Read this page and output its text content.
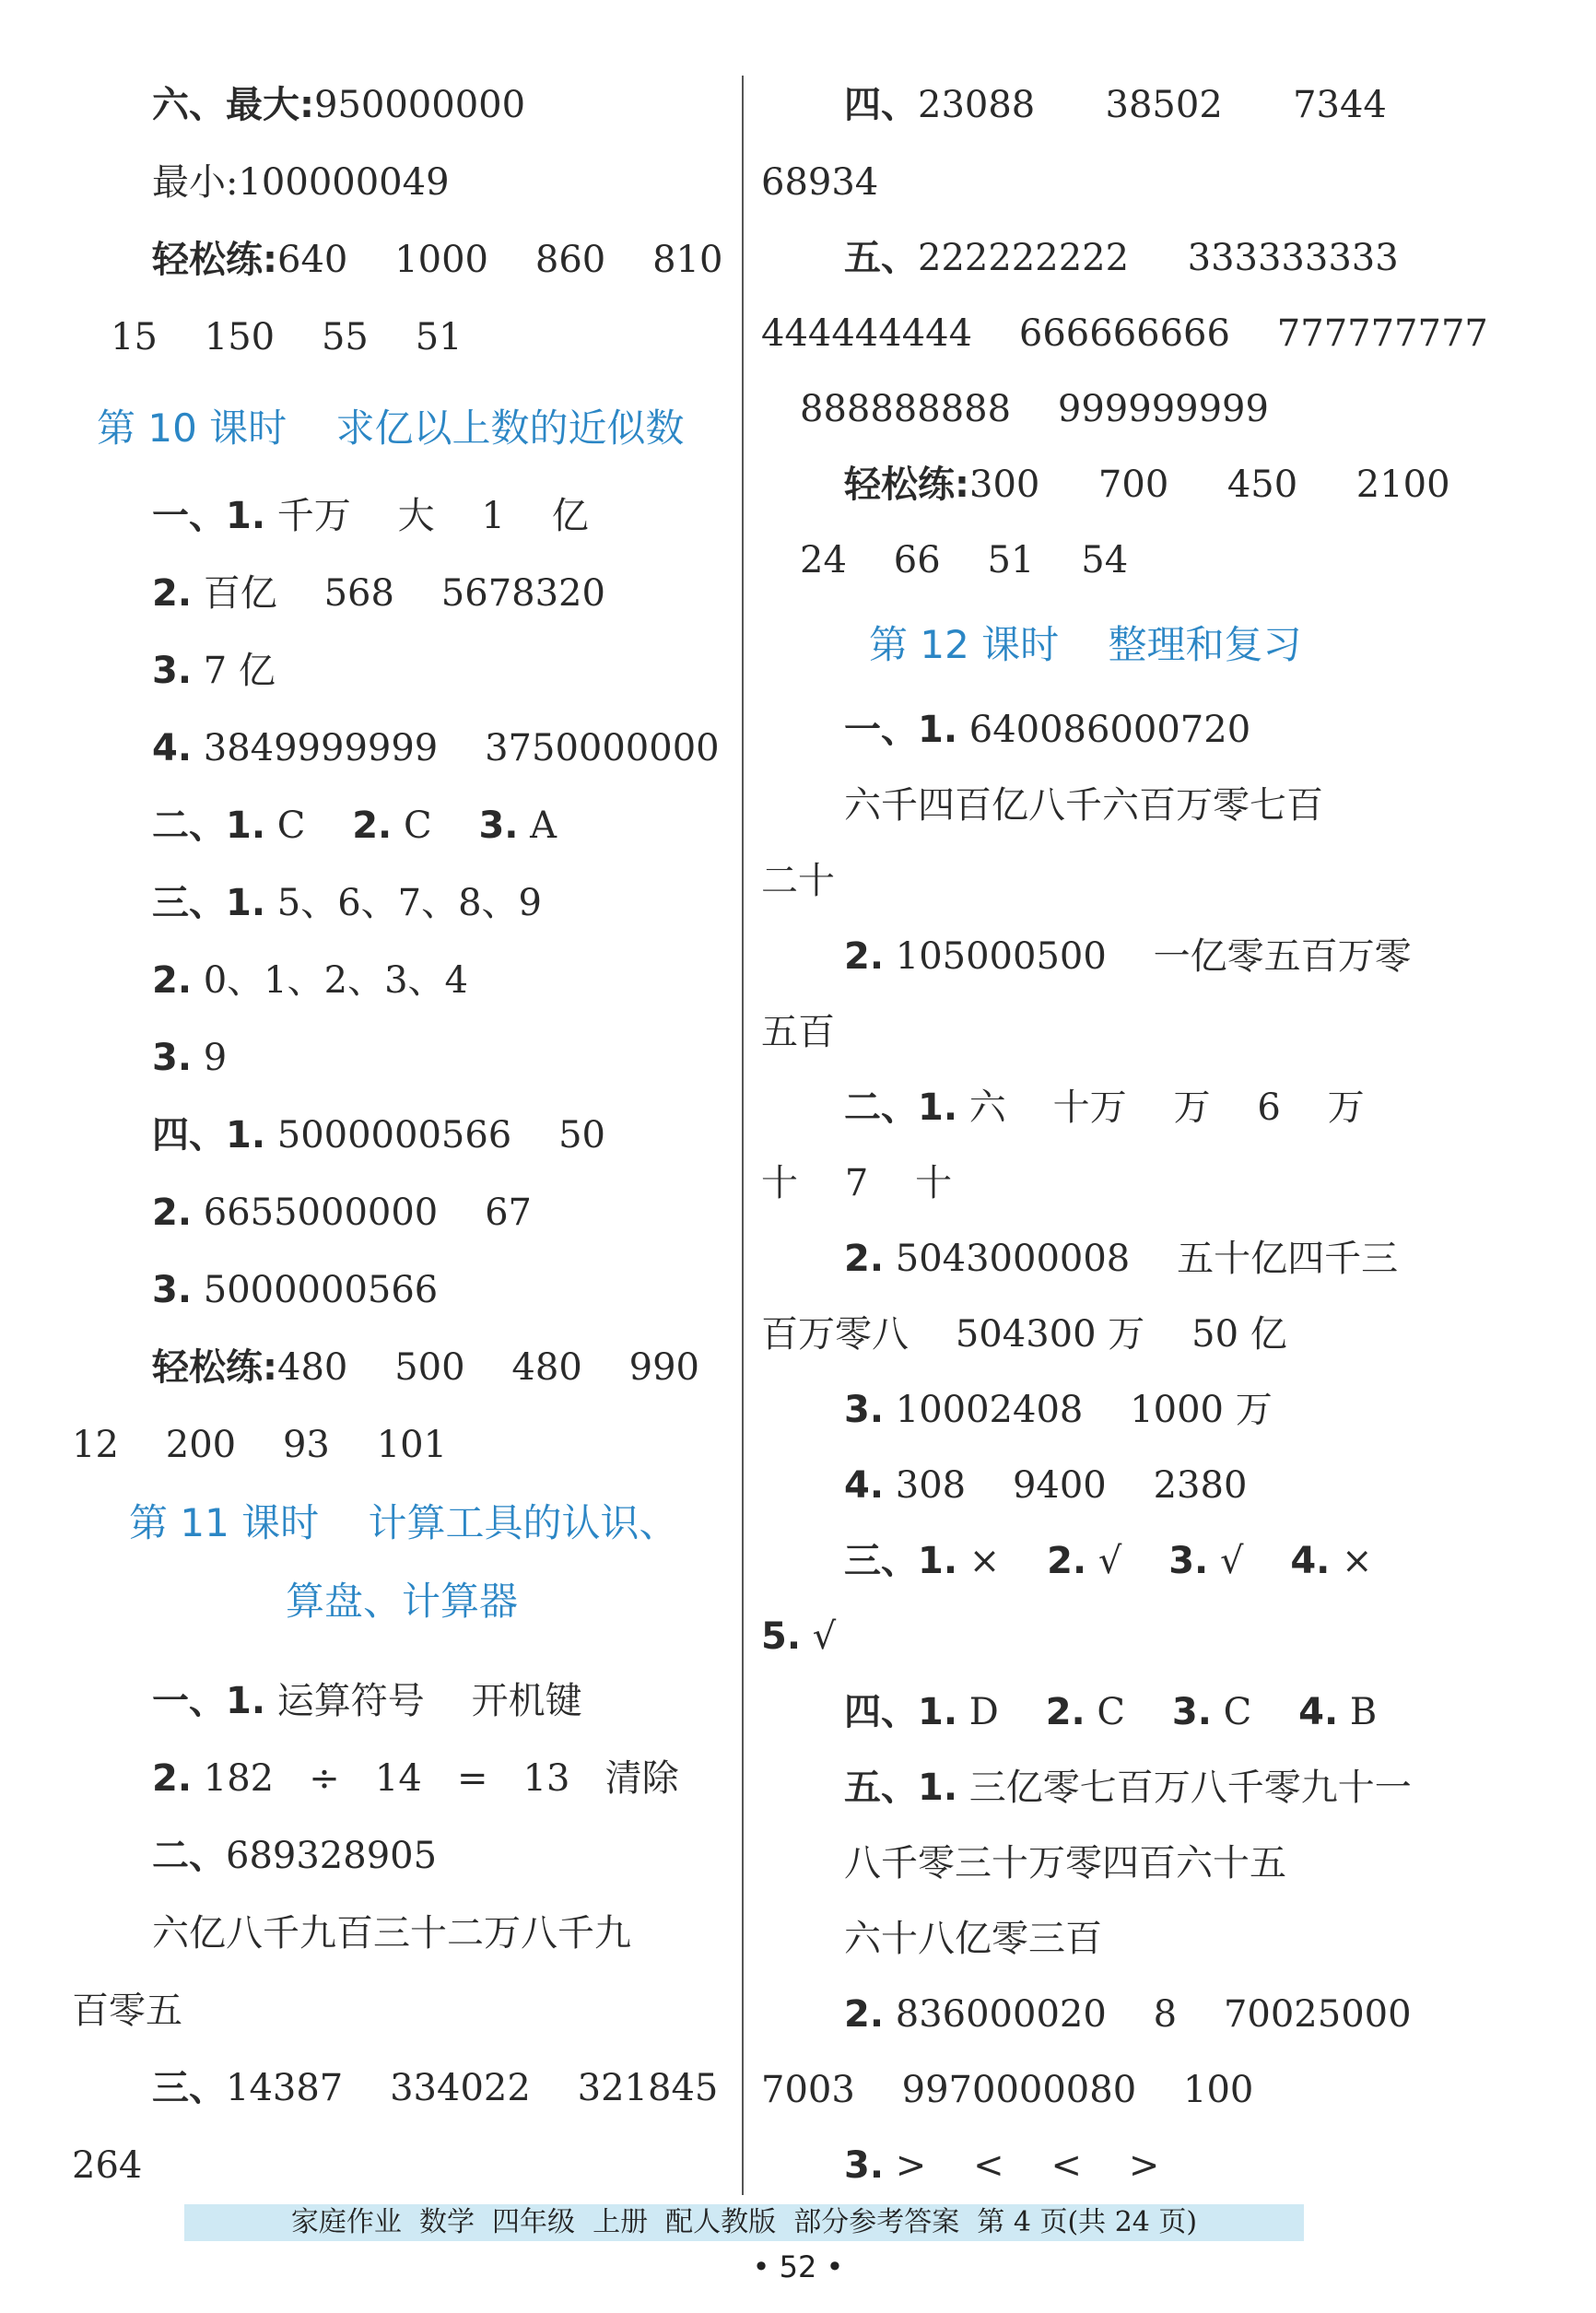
六、最大:950000000
最小:100000049
轻松练:640    1000    860    810
15    150    55    51
第 10 课时    求亿以上数的近似数
一、1. 千万    大    1    亿
2. 百亿    568    5678320
3. 7 亿
4. 3849999999    3750000000
二、1. C    2. C    3. A
三、1. 5、6、7、8、9
2. 0、1、2、3、4
3. 9
四、1. 5000000566    50
2. 6655000000    67
3. 5000000566
轻松练:480    500    480    990
12    200    93    101
第 11 课时    计算工具的认识、
算盘、计算器
一、1. 运算符号    开机键
2. 182   ÷   14   =   13   清除
二、689328905
六亿八千九百三十二万八千九
百零五
三、14387    334022    321845
264
四、23088      38502      7344
68934
五、222222222     333333333
444444444    666666666    777777777
888888888    999999999
轻松练:300     700     450     2100
24    66    51    54
第 12 课时    整理和复习
一、1. 640086000720
六千四百亿八千六百万零七百
二十
2. 105000500    一亿零五百万零
五百
二、1. 六    十万    万    6    万
十    7    十
2. 5043000008    五十亿四千三
百万零八    504300 万    50 亿
3. 10002408    1000 万
4. 308    9400    2380
三、1. ×    2. √    3. √    4. ×
5. √
四、1. D    2. C    3. C    4. B
五、1. 三亿零七百万八千零九十一
八千零三十万零四百六十五
六十八亿零三百
2. 836000020    8    70025000
7003    9970000080    100
3. >    <    <    >
家庭作业  数学  四年级  上册  配人教版  部分参考答案  第 4 页(共 24 页)
• 52 •
